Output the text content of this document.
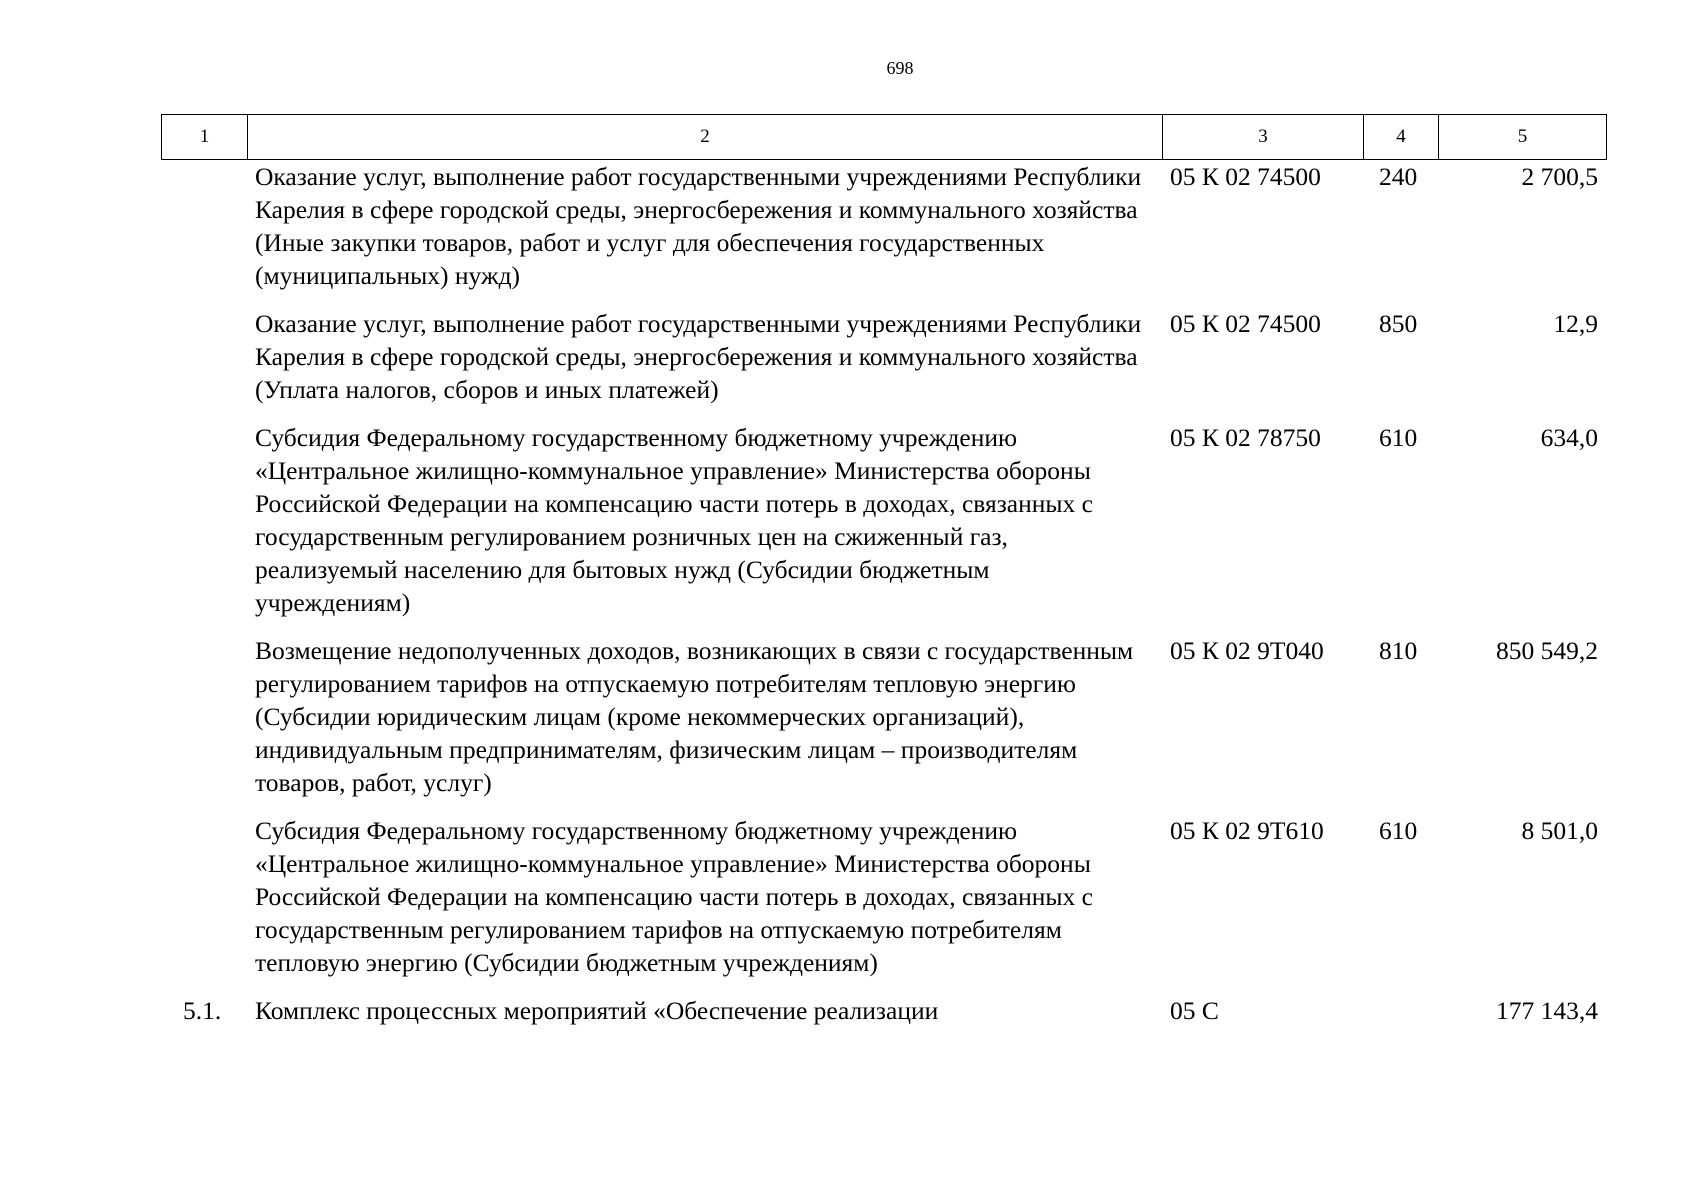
698
1	2	3	4	5
	Оказание услуг, выполнение работ государственными учреждениями Республики Карелия в сфере городской среды, энергосбережения и коммунального хозяйства (Иные закупки товаров, работ и услуг для обеспечения государственных (муниципальных) нужд)	05 К 02 74500	240	2 700,5
	Оказание услуг, выполнение работ государственными учреждениями Республики Карелия в сфере городской среды, энергосбережения и коммунального хозяйства (Уплата налогов, сборов и иных платежей)	05 К 02 74500	850	12,9
	Субсидия Федеральному государственному бюджетному учреждению «Центральное жилищно-коммунальное управление» Министерства обороны Российской Федерации на компенсацию части потерь в доходах, связанных с государственным регулированием розничных цен на сжиженный газ, реализуемый населению для бытовых нужд (Субсидии бюджетным учреждениям)	05 К 02 78750	610	634,0
	Возмещение недополученных доходов, возникающих в связи с государственным регулированием тарифов на отпускаемую потребителям тепловую энергию (Субсидии юридическим лицам (кроме некоммерческих организаций), индивидуальным предпринимателям, физическим лицам – производителям товаров, работ, услуг)	05 К 02 9Т040	810	850 549,2
	Субсидия Федеральному государственному бюджетному учреждению «Центральное жилищно-коммунальное управление» Министерства обороны Российской Федерации на компенсацию части потерь в доходах, связанных с государственным регулированием тарифов на отпускаемую потребителям тепловую энергию (Субсидии бюджетным учреждениям)	05 К 02 9Т610	610	8 501,0
5.1.	Комплекс процессных мероприятий «Обеспечение реализации	05 С		177 143,4
